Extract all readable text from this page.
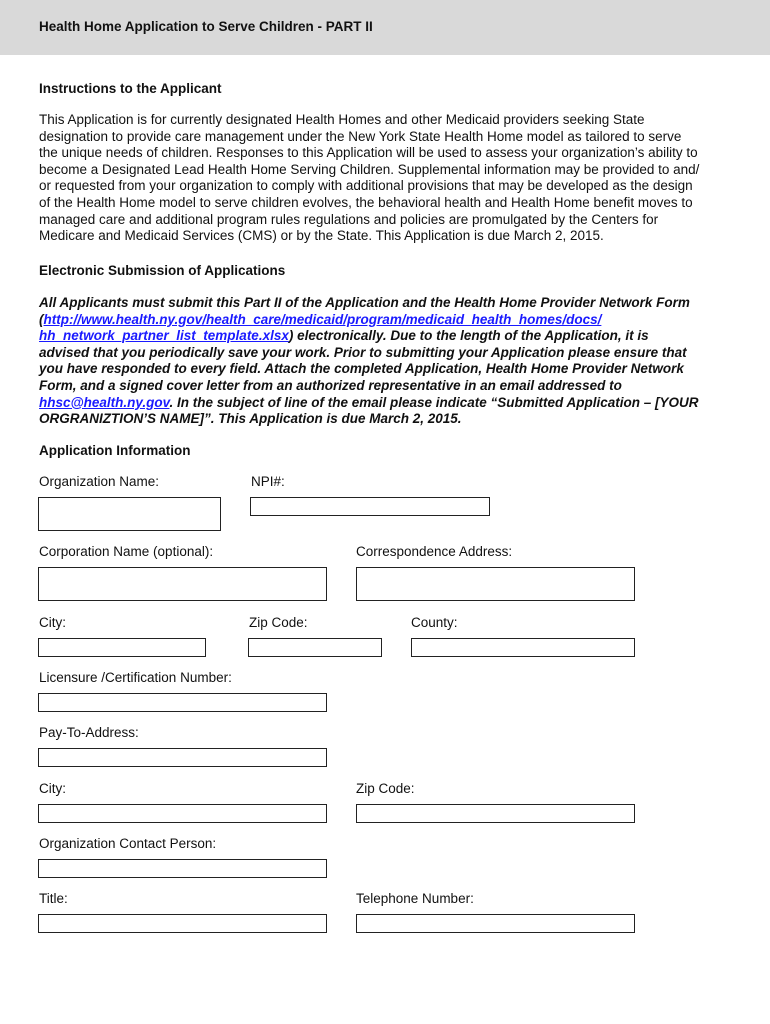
Health Home Application to Serve Children - PART II
Instructions to the Applicant
This Application is for currently designated Health Homes and other Medicaid providers seeking State
designation to provide care management under the New York State Health Home model as tailored to serve
the unique needs of children. Responses to this Application will be used to assess your organization’s ability to
become a Designated Lead Health Home Serving Children. Supplemental information may be provided to and/
or requested from your organization to comply with additional provisions that may be developed as the design
of the Health Home model to serve children evolves, the behavioral health and Health Home benefit moves to
managed care and additional program rules regulations and policies are promulgated by the Centers for
Medicare and Medicaid Services (CMS) or by the State. This Application is due March 2, 2015.
Electronic Submission of Applications
All Applicants must submit this Part II of the Application and the Health Home Provider Network Form
(http://www.health.ny.gov/health_care/medicaid/program/medicaid_health_homes/docs/
hh_network_partner_list_template.xlsx) electronically. Due to the length of the Application, it is
advised that you periodically save your work. Prior to submitting your Application please ensure that
you have responded to every field. Attach the completed Application, Health Home Provider Network
Form, and a signed cover letter from an authorized representative in an email addressed to
hhsc@health.ny.gov. In the subject of line of the email please indicate “Submitted Application – [YOUR
ORGRANIZTION’S NAME]”. This Application is due March 2, 2015.
Application Information
Organization Name:	NPI#:
Corporation Name (optional):	Correspondence Address:
City:	Zip Code:	County:
Licensure /Certification Number:
Pay-To-Address:
City:	Zip Code:
Organization Contact Person:
Title:	Telephone Number:
